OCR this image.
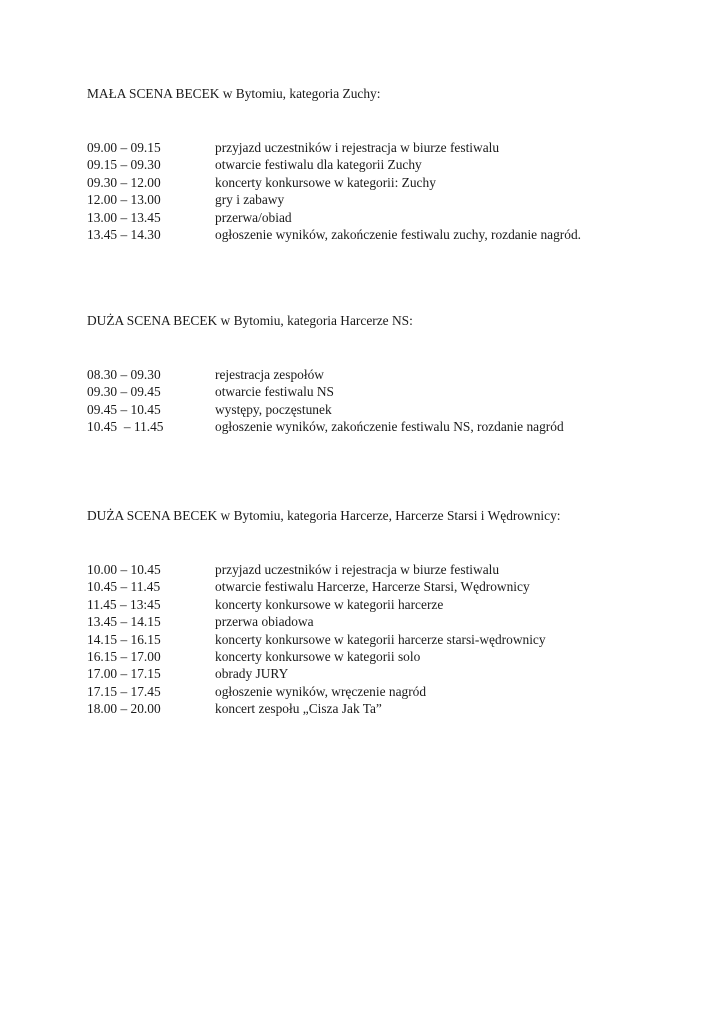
MAŁA SCENA BECEK w Bytomiu, kategoria Zuchy:

09.00 – 09.15	przyjazd uczestników i rejestracja w biurze festiwalu
09.15 – 09.30	otwarcie festiwalu dla kategorii Zuchy
09.30 – 12.00	koncerty konkursowe w kategorii: Zuchy
12.00 – 13.00	gry i zabawy
13.00 – 13.45	przerwa/obiad
13.45 – 14.30	ogłoszenie wyników, zakończenie festiwalu zuchy, rozdanie nagród.

DUŻA SCENA BECEK w Bytomiu, kategoria Harcerze NS:

08.30 – 09.30	rejestracja zespołów
09.30 – 09.45	otwarcie festiwalu NS
09.45 – 10.45	występy, poczęstunek
10.45  – 11.45	ogłoszenie wyników, zakończenie festiwalu NS, rozdanie nagród

DUŻA SCENA BECEK w Bytomiu, kategoria Harcerze, Harcerze Starsi i Wędrownicy:

10.00 – 10.45	przyjazd uczestników i rejestracja w biurze festiwalu
10.45 – 11.45	otwarcie festiwalu Harcerze, Harcerze Starsi, Wędrownicy
11.45 – 13:45	koncerty konkursowe w kategorii harcerze
13.45 – 14.15	przerwa obiadowa
14.15 – 16.15	koncerty konkursowe w kategorii harcerze starsi-wędrownicy
16.15 – 17.00	koncerty konkursowe w kategorii solo
17.00 – 17.15	obrady JURY
17.15 – 17.45	ogłoszenie wyników, wręczenie nagród
18.00 – 20.00	koncert zespołu „Cisza Jak Ta”
